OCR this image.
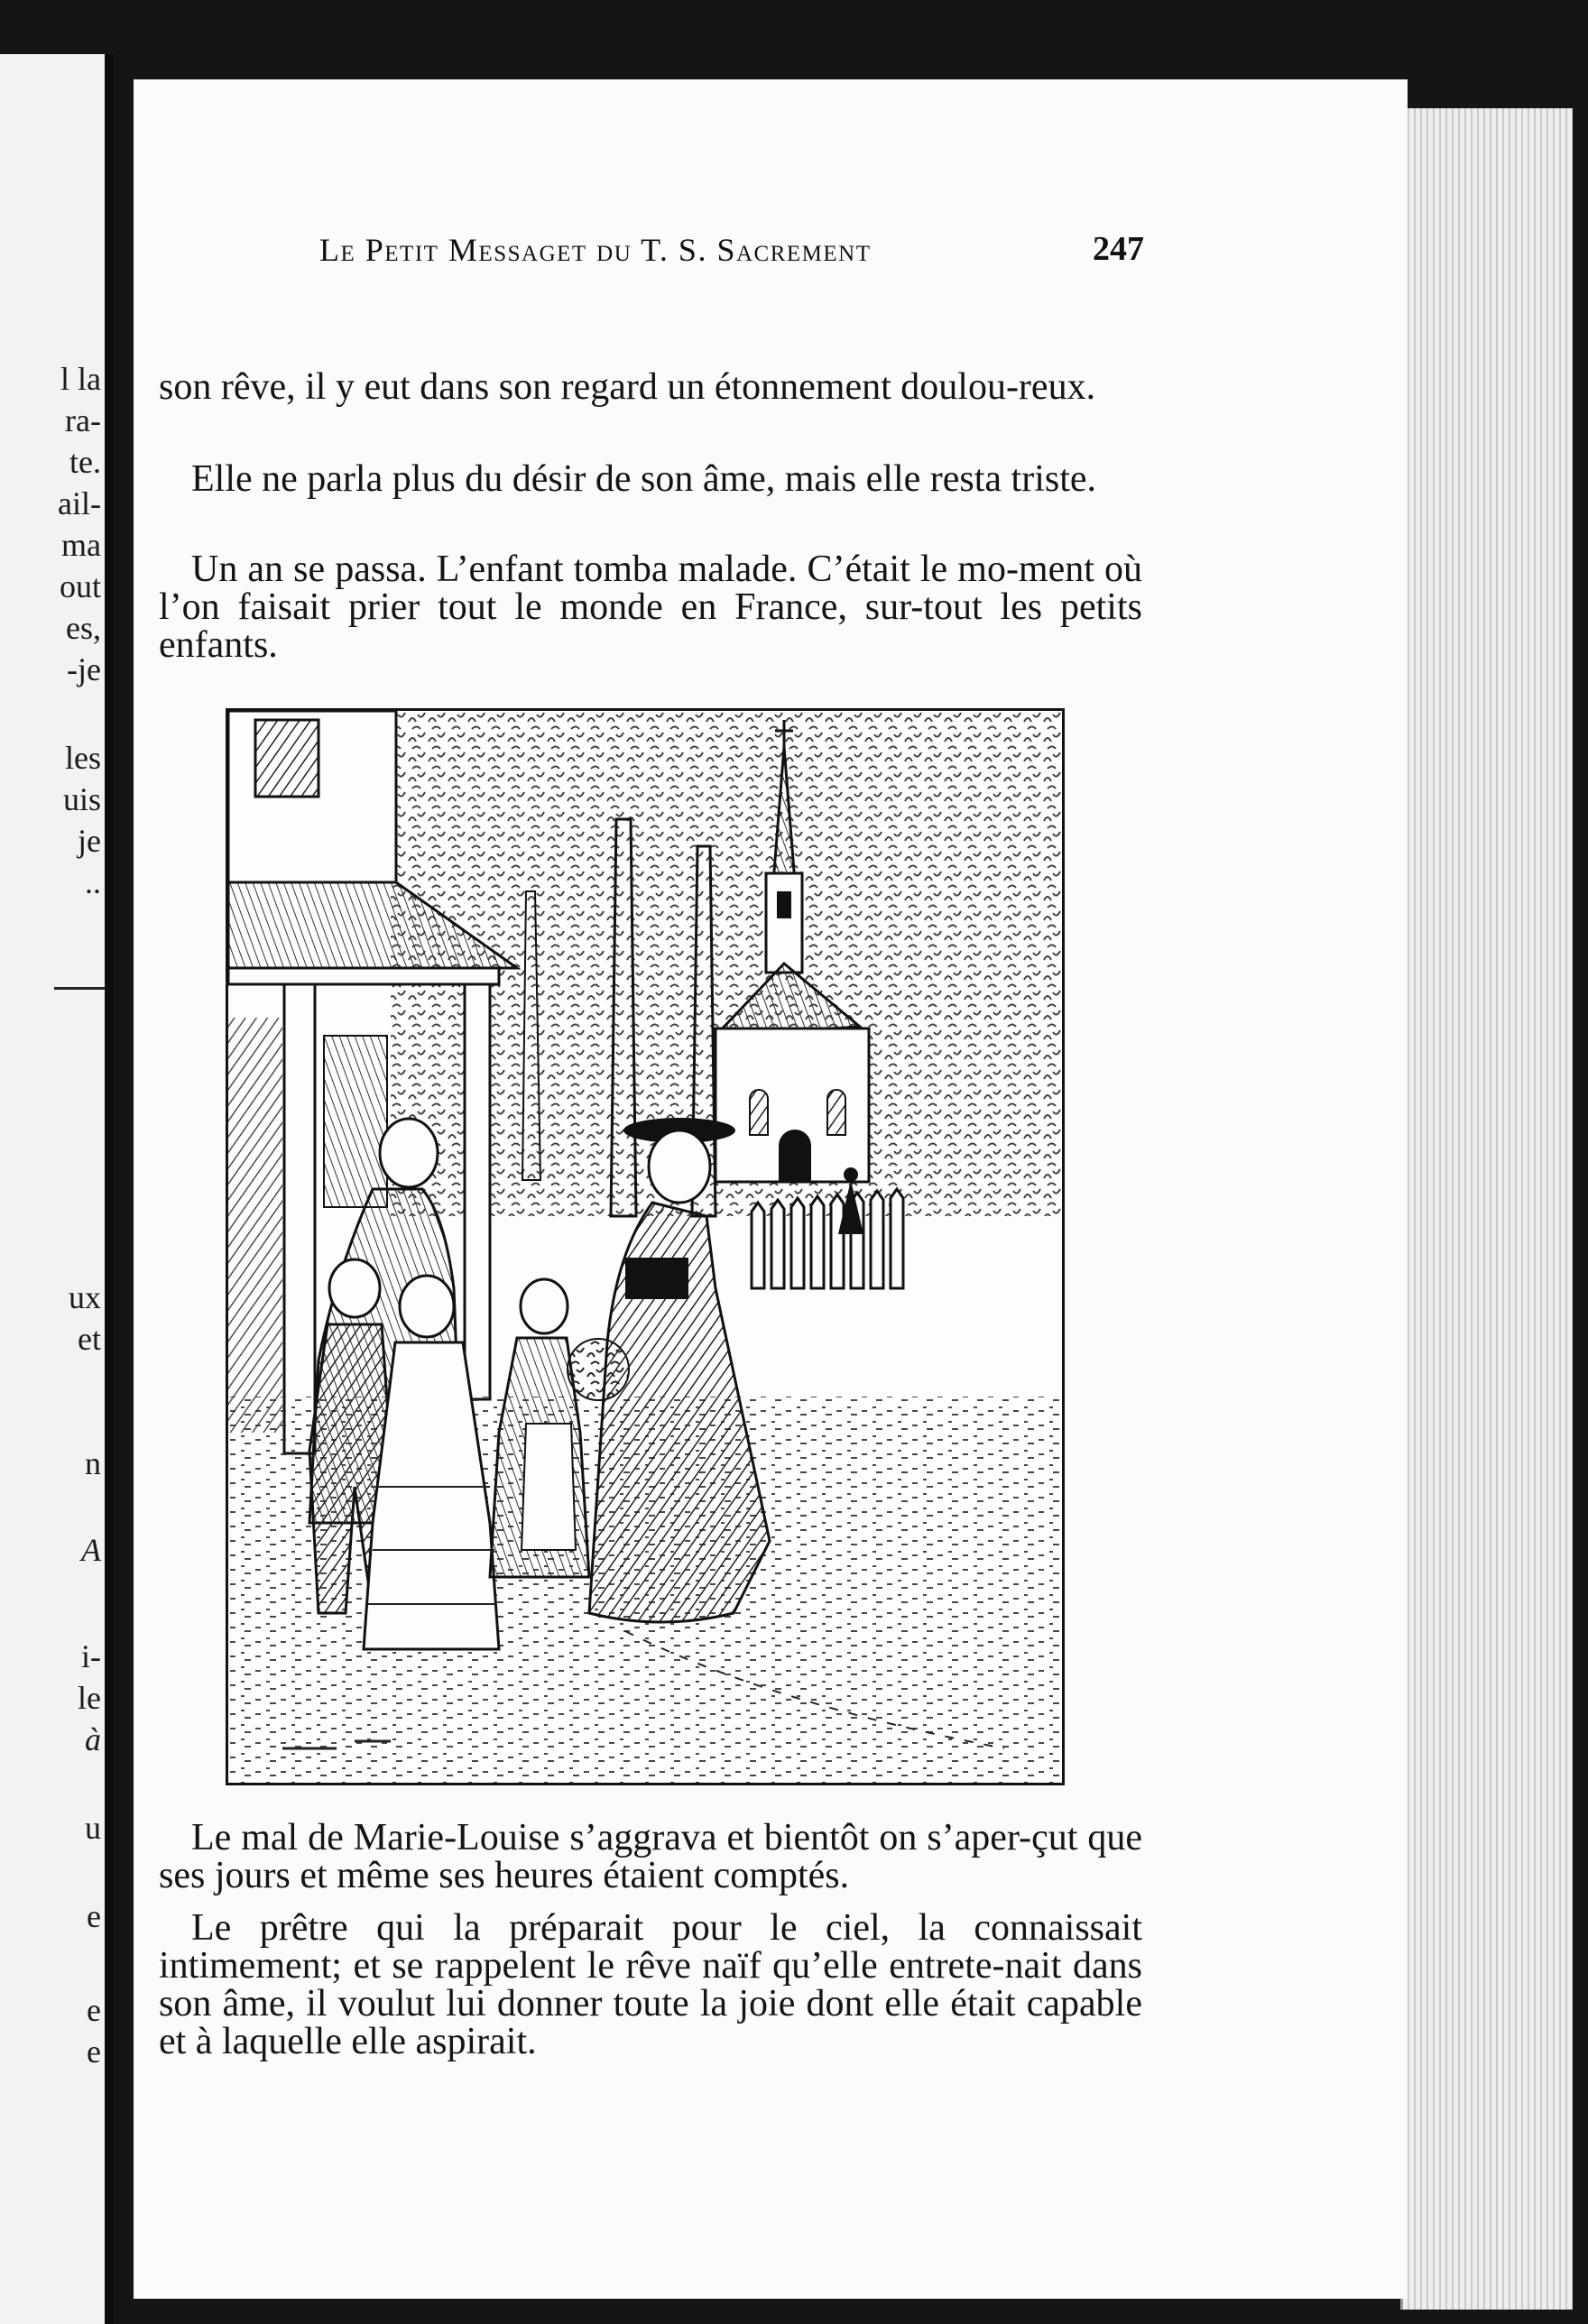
l la
ra-
te.
ail-
ma
out
es,
-je
les
uis
je
..
ux
et
n
A
i-
le
à
u
e
e
e
Le Petit Messaget du T. S. Sacrement	247

son rêve, il y eut dans son regard un étonnement doulou-reux.

Elle ne parla plus du désir de son âme, mais elle resta triste.

Un an se passa. L’enfant tomba malade. C’était le mo-ment où l’on faisait prier tout le monde en France, sur-tout les petits enfants.

Le mal de Marie-Louise s’aggrava et bientôt on s’aper-çut que ses jours et même ses heures étaient comptés.

Le prêtre qui la préparait pour le ciel, la connaissait intimement; et se rappelent le rêve naïf qu’elle entrete-nait dans son âme, il voulut lui donner toute la joie dont elle était capable et à laquelle elle aspirait.
